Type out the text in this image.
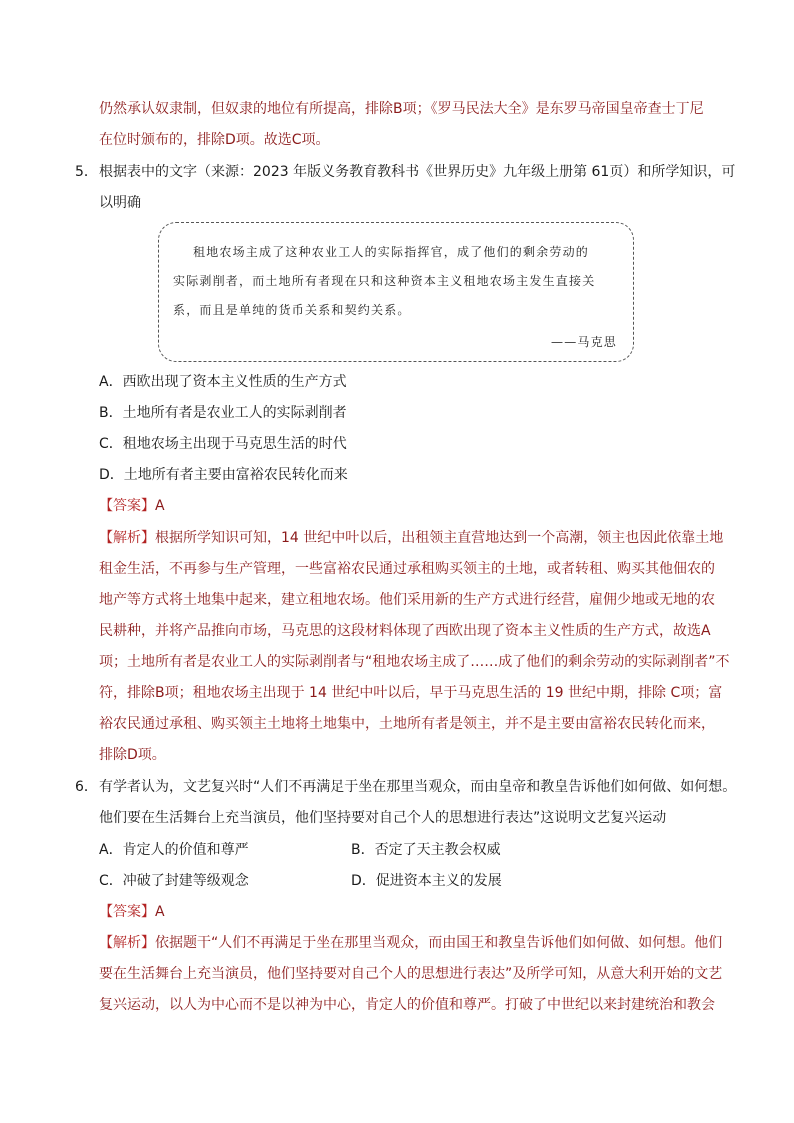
仍然承认奴隶制，但奴隶的地位有所提高，排除B项；《罗马民法大全》是东罗马帝国皇帝查士丁尼
在位时颁布的，排除D项。故选C项。
5． 根据表中的文字（来源：2023 年版义务教育教科书《世界历史》九年级上册第 61页）和所学知识，可
以明确
租地农场主成了这种农业工人的实际指挥官，成了他们的剩余劳动的
实际剥削者，而土地所有者现在只和这种资本主义租地农场主发生直接关
系，而且是单纯的货币关系和契约关系。
——马克思
A．西欧出现了资本主义性质的生产方式
B．土地所有者是农业工人的实际剥削者
C．租地农场主出现于马克思生活的时代
D．土地所有者主要由富裕农民转化而来
【答案】A
【解析】根据所学知识可知，14 世纪中叶以后，出租领主直营地达到一个高潮，领主也因此依靠土地
租金生活，不再参与生产管理，一些富裕农民通过承租购买领主的土地，或者转租、购买其他佃农的
地产等方式将土地集中起来，建立租地农场。他们采用新的生产方式进行经营，雇佣少地或无地的农
民耕种，并将产品推向市场，马克思的这段材料体现了西欧出现了资本主义性质的生产方式，故选A
项；土地所有者是农业工人的实际剥削者与“租地农场主成了……成了他们的剩余劳动的实际剥削者”不
符，排除B项；租地农场主出现于 14 世纪中叶以后，早于马克思生活的 19 世纪中期，排除 C项；富
裕农民通过承租、购买领主土地将土地集中，土地所有者是领主，并不是主要由富裕农民转化而来，
排除D项。
6． 有学者认为，文艺复兴时“人们不再满足于坐在那里当观众，而由皇帝和教皇告诉他们如何做、如何想。
他们要在生活舞台上充当演员，他们坚持要对自己个人的思想进行表达”这说明文艺复兴运动
A．肯定人的价值和尊严	B．否定了天主教会权威
C．冲破了封建等级观念	D．促进资本主义的发展
【答案】A
【解析】依据题干“人们不再满足于坐在那里当观众，而由国王和教皇告诉他们如何做、如何想。他们
要在生活舞台上充当演员，他们坚持要对自己个人的思想进行表达”及所学可知，从意大利开始的文艺
复兴运动，以人为中心而不是以神为中心，肯定人的价值和尊严。打破了中世纪以来封建统治和教会
